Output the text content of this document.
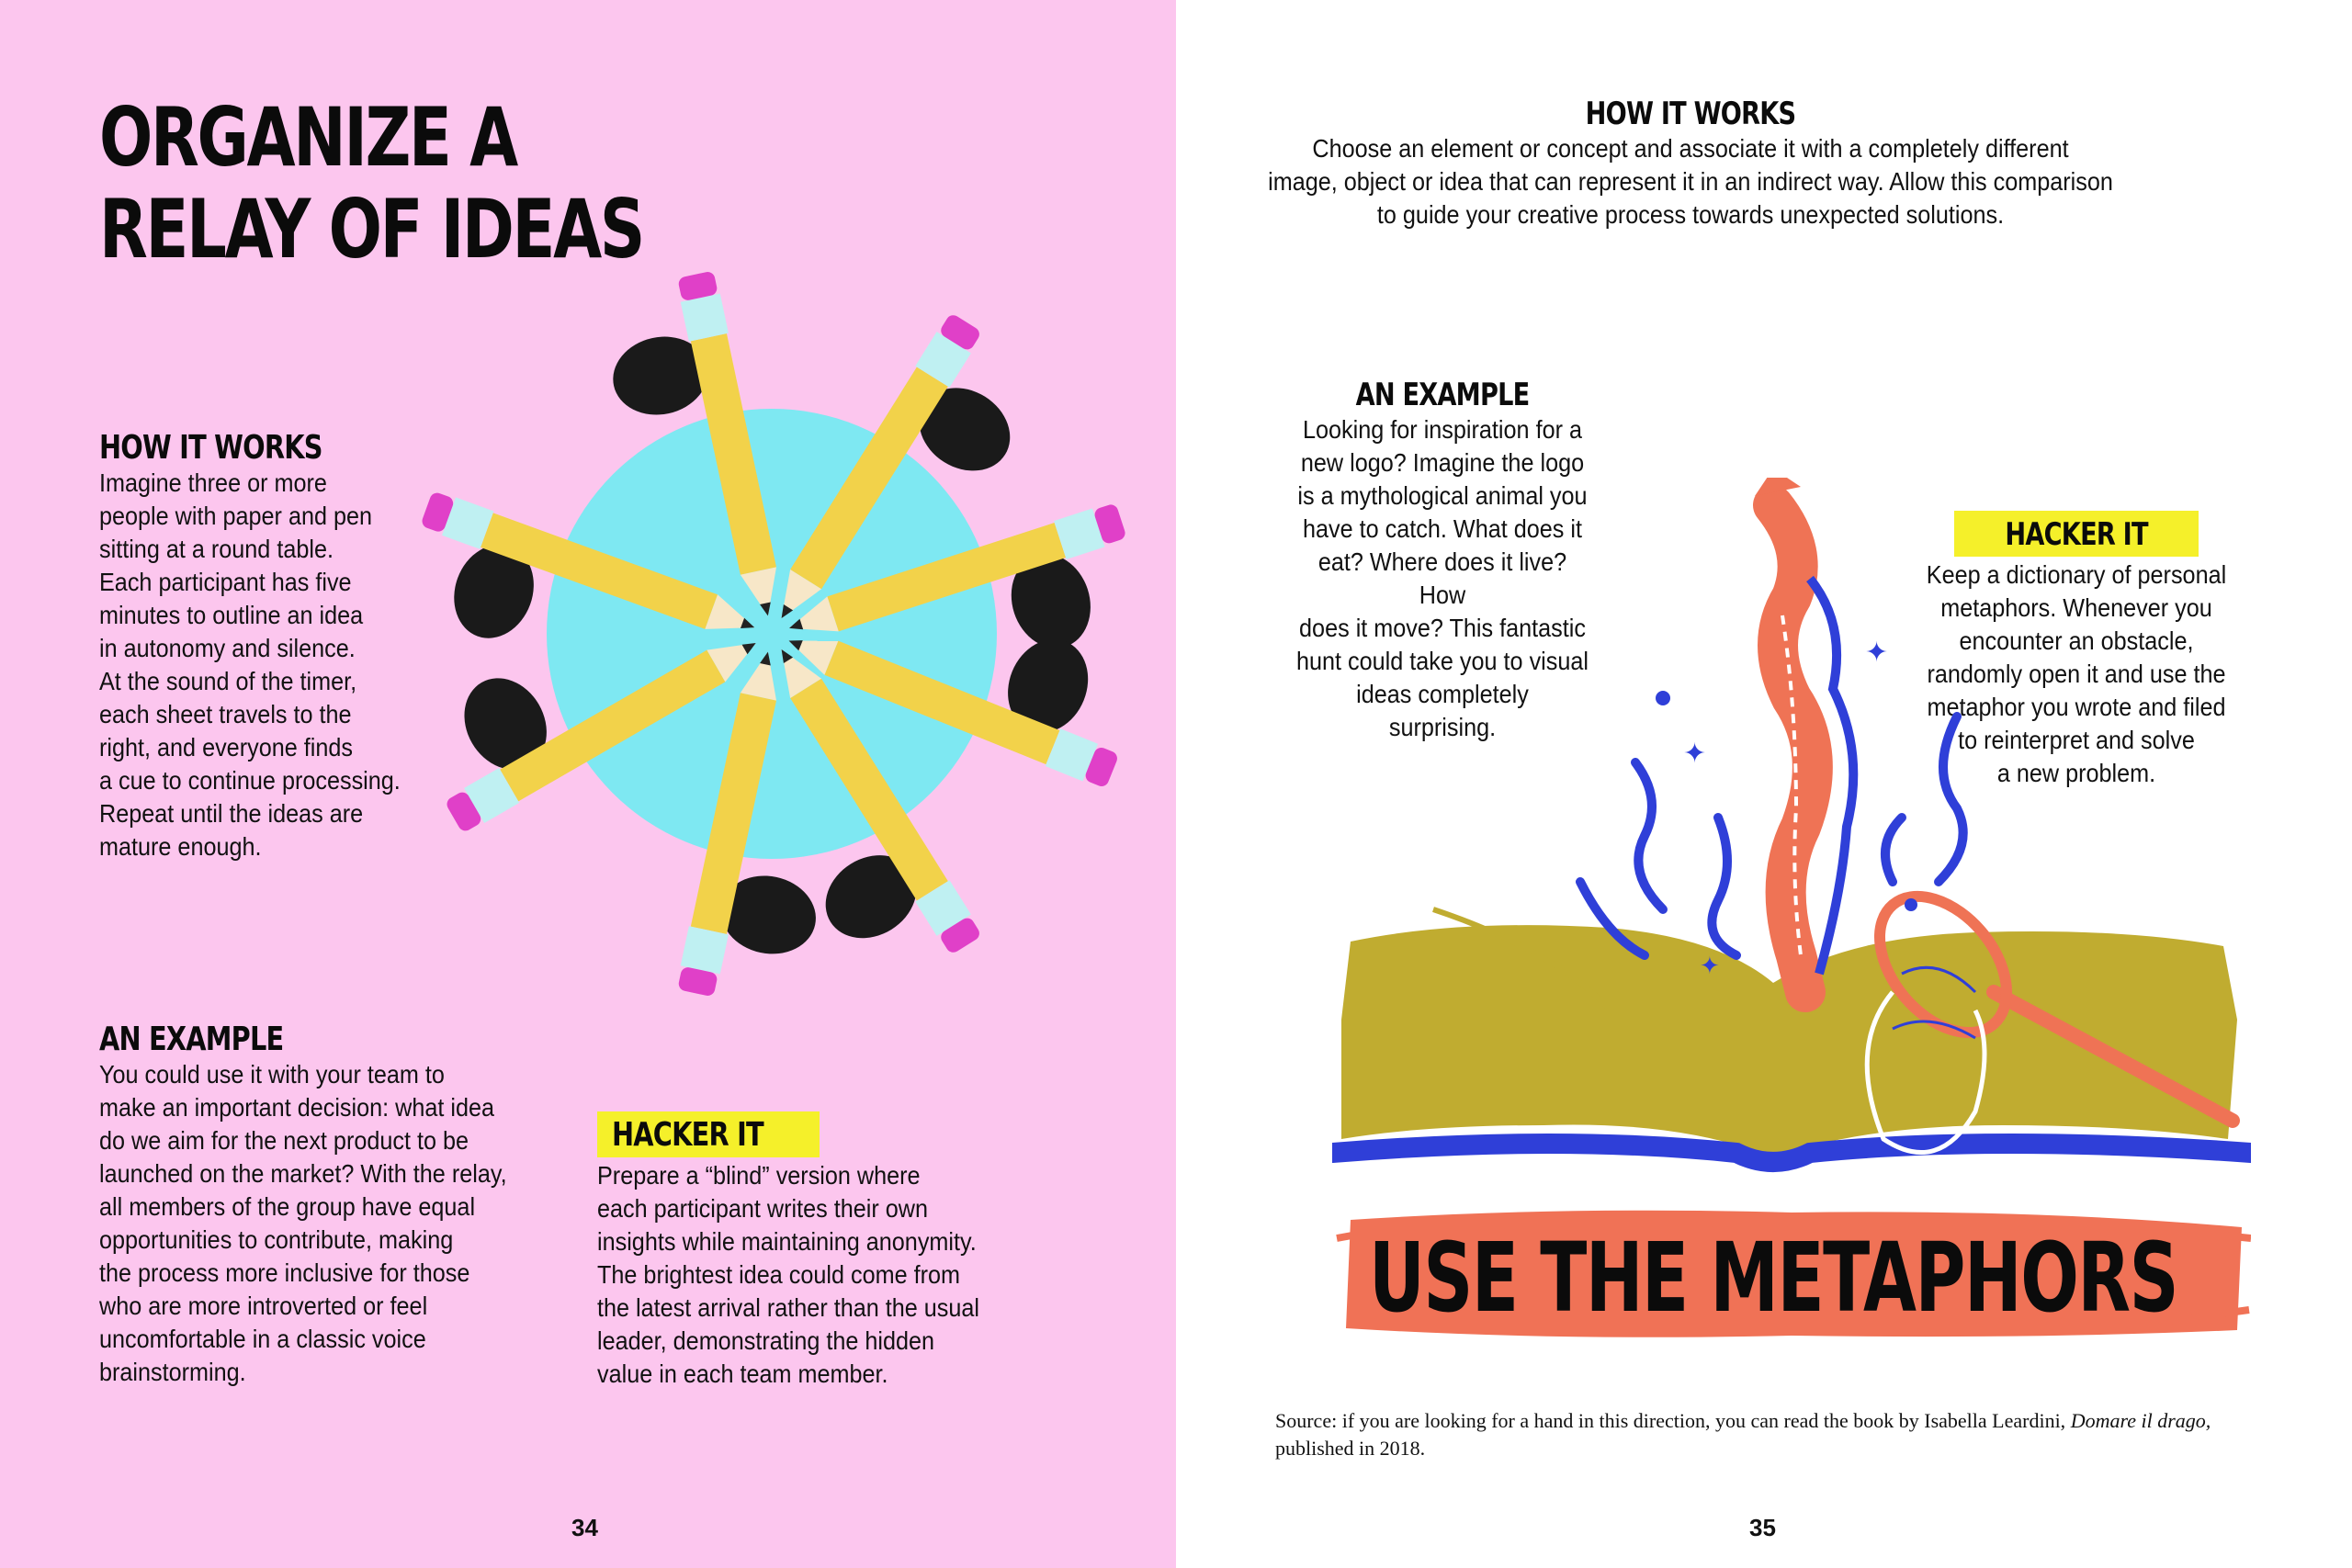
ORGANIZE A
RELAY OF IDEAS
HOW IT WORKS
Imagine three or more
people with paper and pen
sitting at a round table.
Each participant has five
minutes to outline an idea
in autonomy and silence.
At the sound of the timer,
each sheet travels to the
right, and everyone finds
a cue to continue processing.
Repeat until the ideas are
mature enough.
AN EXAMPLE
You could use it with your team to
make an important decision: what idea
do we aim for the next product to be
launched on the market? With the relay,
all members of the group have equal
opportunities to contribute, making
the process more inclusive for those
who are more introverted or feel
uncomfortable in a classic voice
brainstorming.
HACKER IT
Prepare a “blind” version where
each participant writes their own
insights while maintaining anonymity.
The brightest idea could come from
the latest arrival rather than the usual
leader, demonstrating the hidden
value in each team member.
34
HOW IT WORKS
Choose an element or concept and associate it with a completely different
image, object or idea that can represent it in an indirect way. Allow this comparison
to guide your creative process towards unexpected solutions.
AN EXAMPLE
Looking for inspiration for a
new logo? Imagine the logo
is a mythological animal you
have to catch. What does it
eat? Where does it live? How
does it move? This fantastic
hunt could take you to visual
ideas completely
surprising.
HACKER IT
Keep a dictionary of personal
metaphors. Whenever you
encounter an obstacle,
randomly open it and use the
metaphor you wrote and filed
to reinterpret and solve
a new problem.
✦
✦
✦
USE THE METAPHORS

Source: if you are looking for a hand in this direction, you can read the book by Isabella Leardini, Domare il drago, published in 2018.

35
